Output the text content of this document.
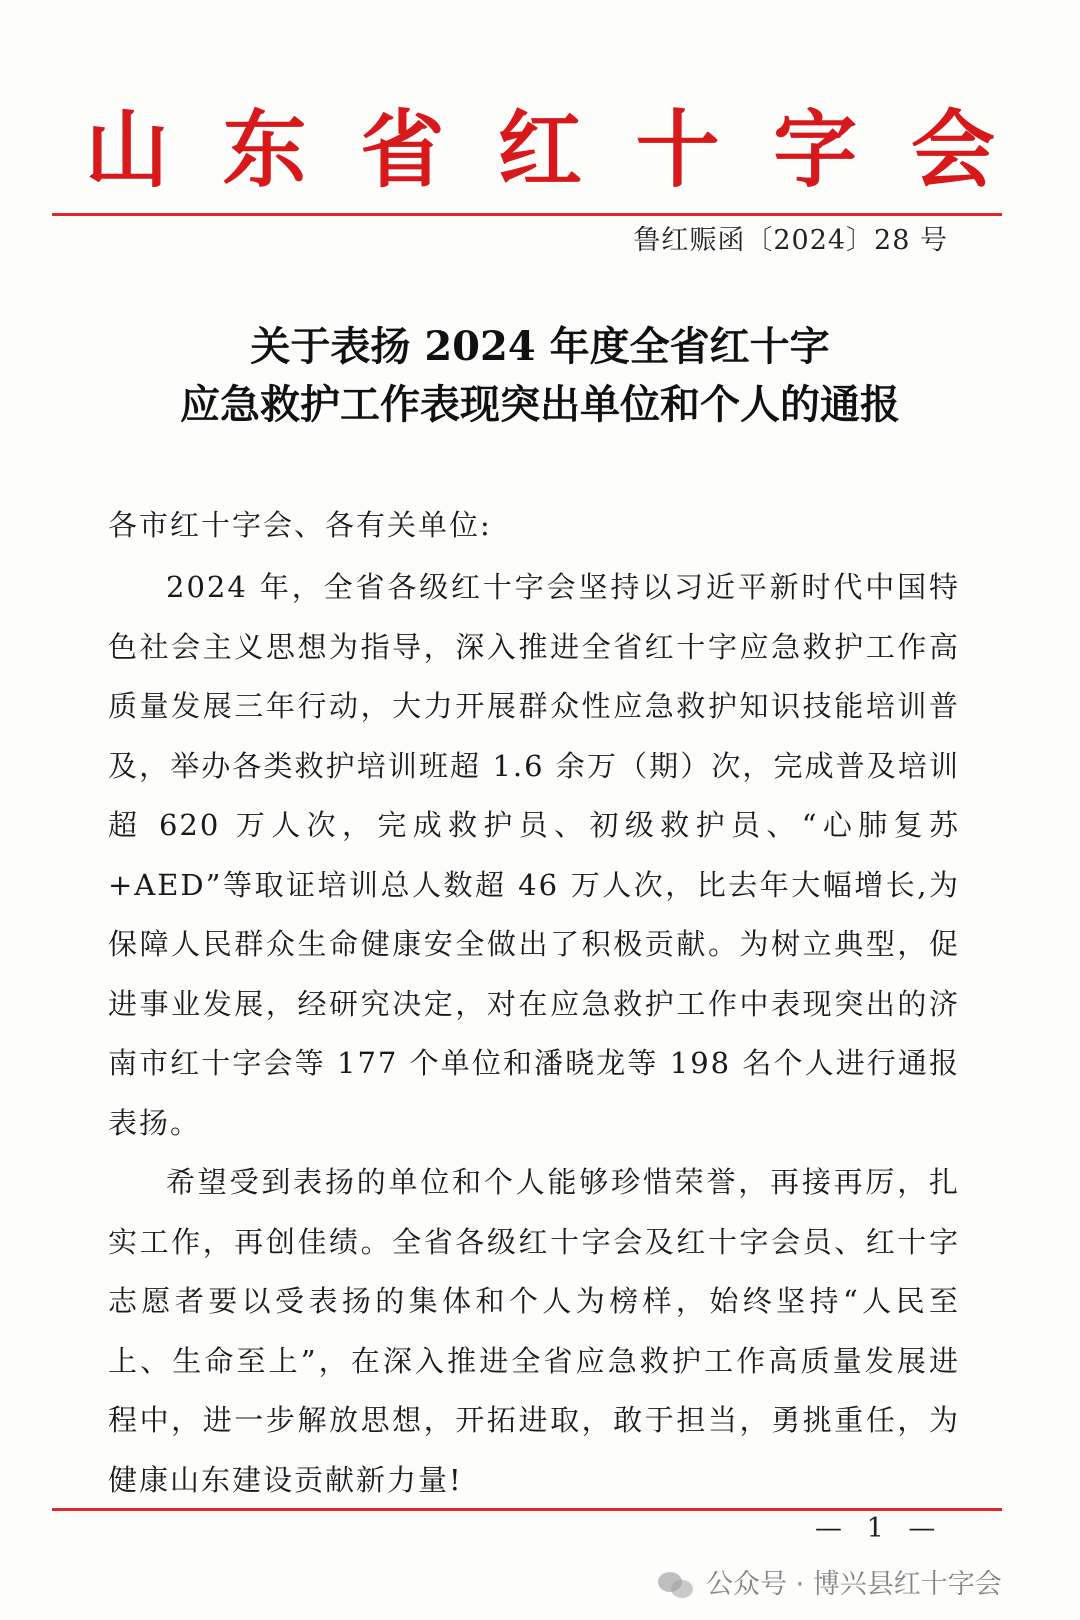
山 东 省 红 十 字 会
鲁红赈函〔2024〕28 号
关于表扬 2024 年度全省红十字
应急救护工作表现突出单位和个人的通报
各市红十字会、各有关单位:

2024 年，全省各级红十字会坚持以习近平新时代中国特色社会主义思想为指导，深入推进全省红十字应急救护工作高质量发展三年行动，大力开展群众性应急救护知识技能培训普及，举办各类救护培训班超 1.6 余万（期）次，完成普及培训超 620 万人次，完成救护员、初级救护员、“心肺复苏+AED”等取证培训总人数超 46 万人次，比去年大幅增长,为保障人民群众生命健康安全做出了积极贡献。为树立典型，促进事业发展，经研究决定，对在应急救护工作中表现突出的济南市红十字会等 177 个单位和潘晓龙等 198 名个人进行通报表扬。

希望受到表扬的单位和个人能够珍惜荣誉，再接再厉，扎实工作，再创佳绩。全省各级红十字会及红十字会员、红十字志愿者要以受表扬的集体和个人为榜样，始终坚持“人民至上、生命至上”，在深入推进全省应急救护工作高质量发展进程中，进一步解放思想，开拓进取，敢于担当，勇挑重任，为健康山东建设贡献新力量!

— 1 —
公众号 · 博兴县红十字会
